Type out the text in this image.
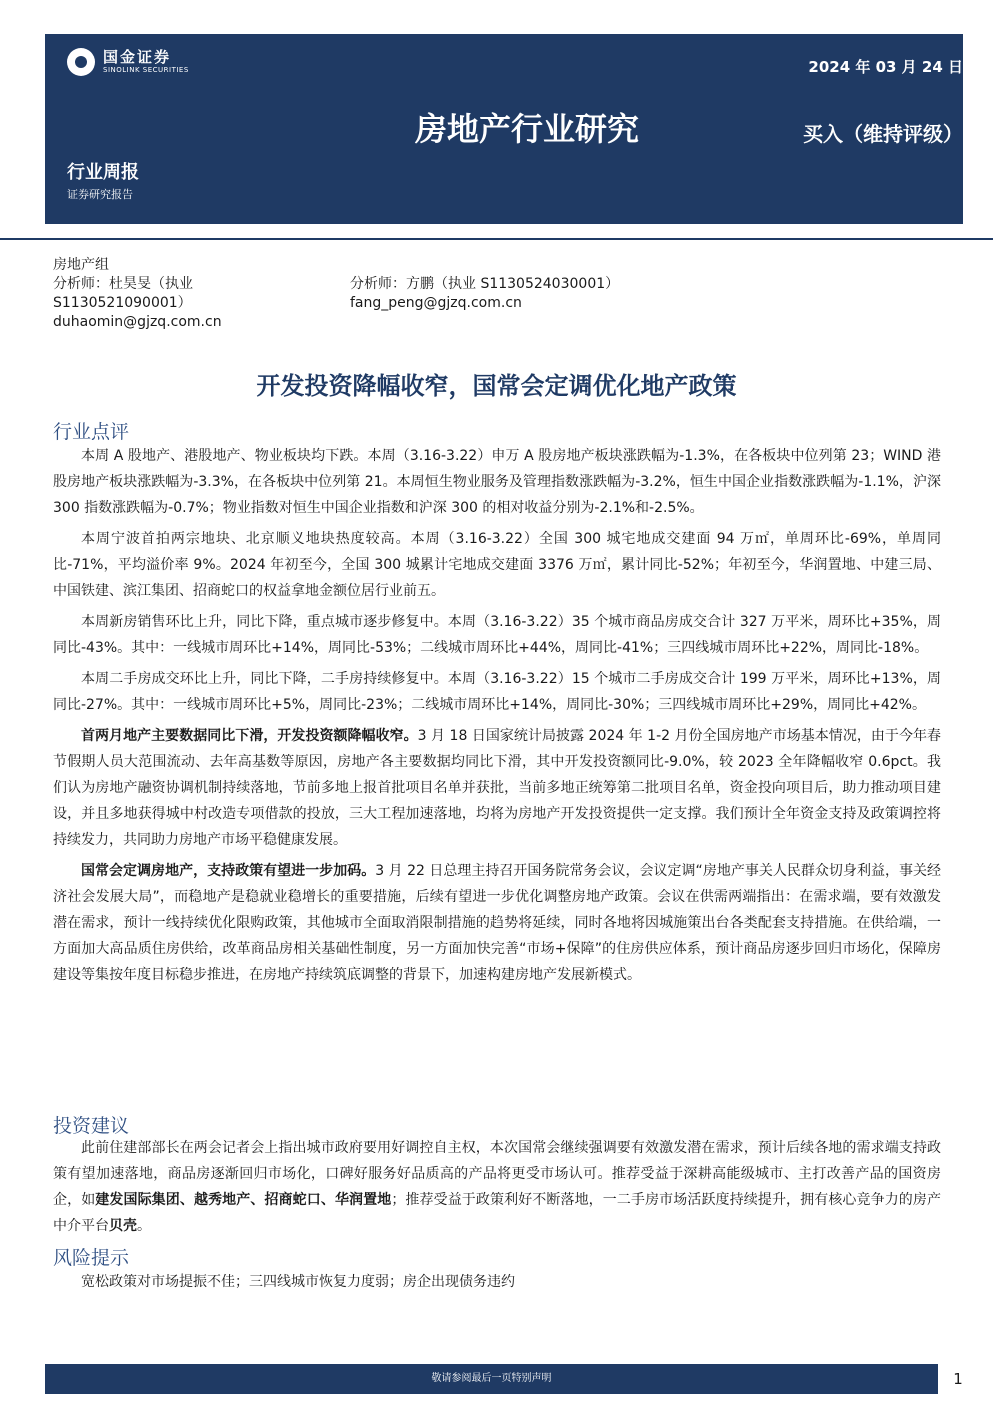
国金证券
SINOLINK SECURITIES	2024 年 03 月 24 日
房地产行业研究	买入（维持评级）
行业周报
证券研究报告
房地产组
分析师：杜昊旻（执业
S1130521090001）
duhaomin@gjzq.com.cn
分析师：方鹏（执业 S1130524030001）
fang_peng@gjzq.com.cn
开发投资降幅收窄，国常会定调优化地产政策
行业点评

本周 A 股地产、港股地产、物业板块均下跌。本周（3.16-3.22）申万 A 股房地产板块涨跌幅为-1.3%，在各板块中位列第 23；WIND 港股房地产板块涨跌幅为-3.3%，在各板块中位列第 21。本周恒生物业服务及管理指数涨跌幅为-3.2%，恒生中国企业指数涨跌幅为-1.1%，沪深 300 指数涨跌幅为-0.7%；物业指数对恒生中国企业指数和沪深 300 的相对收益分别为-2.1%和-2.5%。

本周宁波首拍两宗地块、北京顺义地块热度较高。本周（3.16-3.22）全国 300 城宅地成交建面 94 万㎡，单周环比-69%，单周同比-71%，平均溢价率 9%。2024 年初至今，全国 300 城累计宅地成交建面 3376 万㎡，累计同比-52%；年初至今，华润置地、中建三局、中国铁建、滨江集团、招商蛇口的权益拿地金额位居行业前五。

本周新房销售环比上升，同比下降，重点城市逐步修复中。本周（3.16-3.22）35 个城市商品房成交合计 327 万平米，周环比+35%，周同比-43%。其中：一线城市周环比+14%，周同比-53%；二线城市周环比+44%，周同比-41%；三四线城市周环比+22%，周同比-18%。

本周二手房成交环比上升，同比下降，二手房持续修复中。本周（3.16-3.22）15 个城市二手房成交合计 199 万平米，周环比+13%，周同比-27%。其中：一线城市周环比+5%，周同比-23%；二线城市周环比+14%，周同比-30%；三四线城市周环比+29%，周同比+42%。

首两月地产主要数据同比下滑，开发投资额降幅收窄。3 月 18 日国家统计局披露 2024 年 1-2 月份全国房地产市场基本情况，由于今年春节假期人员大范围流动、去年高基数等原因，房地产各主要数据均同比下滑，其中开发投资额同比-9.0%，较 2023 全年降幅收窄 0.6pct。我们认为房地产融资协调机制持续落地，节前多地上报首批项目名单并获批，当前多地正统筹第二批项目名单，资金投向项目后，助力推动项目建设，并且多地获得城中村改造专项借款的投放，三大工程加速落地，均将为房地产开发投资提供一定支撑。我们预计全年资金支持及政策调控将持续发力，共同助力房地产市场平稳健康发展。

国常会定调房地产，支持政策有望进一步加码。3 月 22 日总理主持召开国务院常务会议，会议定调“房地产事关人民群众切身利益，事关经济社会发展大局”，而稳地产是稳就业稳增长的重要措施，后续有望进一步优化调整房地产政策。会议在供需两端指出：在需求端，要有效激发潜在需求，预计一线持续优化限购政策，其他城市全面取消限制措施的趋势将延续，同时各地将因城施策出台各类配套支持措施。在供给端，一方面加大高品质住房供给，改革商品房相关基础性制度，另一方面加快完善“市场+保障”的住房供应体系，预计商品房逐步回归市场化，保障房建设等集按年度目标稳步推进，在房地产持续筑底调整的背景下，加速构建房地产发展新模式。

投资建议

此前住建部部长在两会记者会上指出城市政府要用好调控自主权，本次国常会继续强调要有效激发潜在需求，预计后续各地的需求端支持政策有望加速落地，商品房逐渐回归市场化，口碑好服务好品质高的产品将更受市场认可。推荐受益于深耕高能级城市、主打改善产品的国资房企，如建发国际集团、越秀地产、招商蛇口、华润置地；推荐受益于政策利好不断落地，一二手房市场活跃度持续提升，拥有核心竞争力的房产中介平台贝壳。

风险提示

宽松政策对市场提振不佳；三四线城市恢复力度弱；房企出现债务违约

敬请参阅最后一页特别声明	1
